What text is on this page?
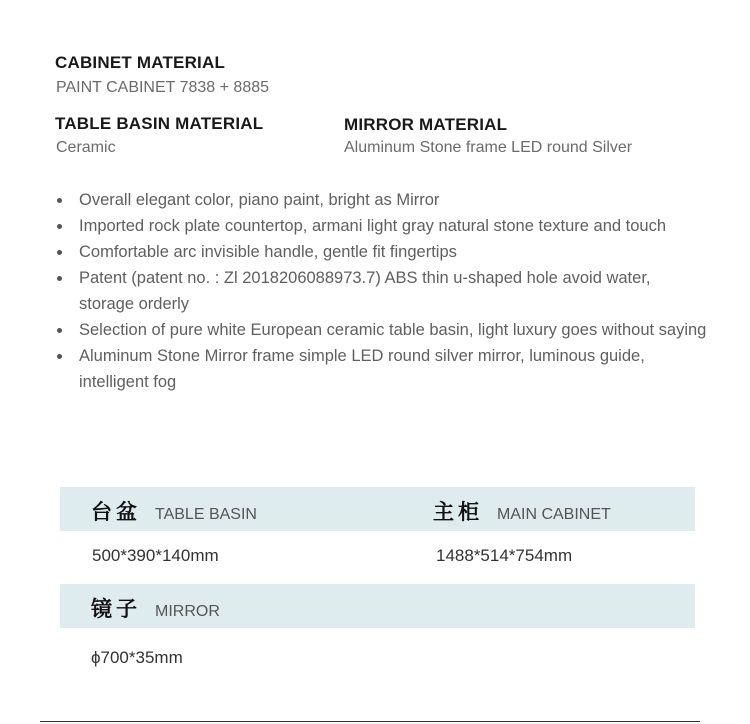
CABINET MATERIAL
PAINT CABINET 7838 + 8885
TABLE BASIN MATERIAL
Ceramic
MIRROR MATERIAL
Aluminum Stone frame LED round Silver
Overall elegant color, piano paint, bright as Mirror
Imported rock plate countertop, armani light gray natural stone texture and touch
Comfortable arc invisible handle, gentle fit fingertips
Patent (patent no. : Zl 2018206088973.7) ABS thin u-shaped hole avoid water, storage orderly
Selection of pure white European ceramic table basin, light luxury goes without saying
Aluminum Stone Mirror frame simple LED round silver mirror, luminous guide, intelligent fog
台盆 TABLE BASIN	主柜 MAIN CABINET
500*390*140mm	1488*514*754mm
镜子 MIRROR
ϕ700*35mm
